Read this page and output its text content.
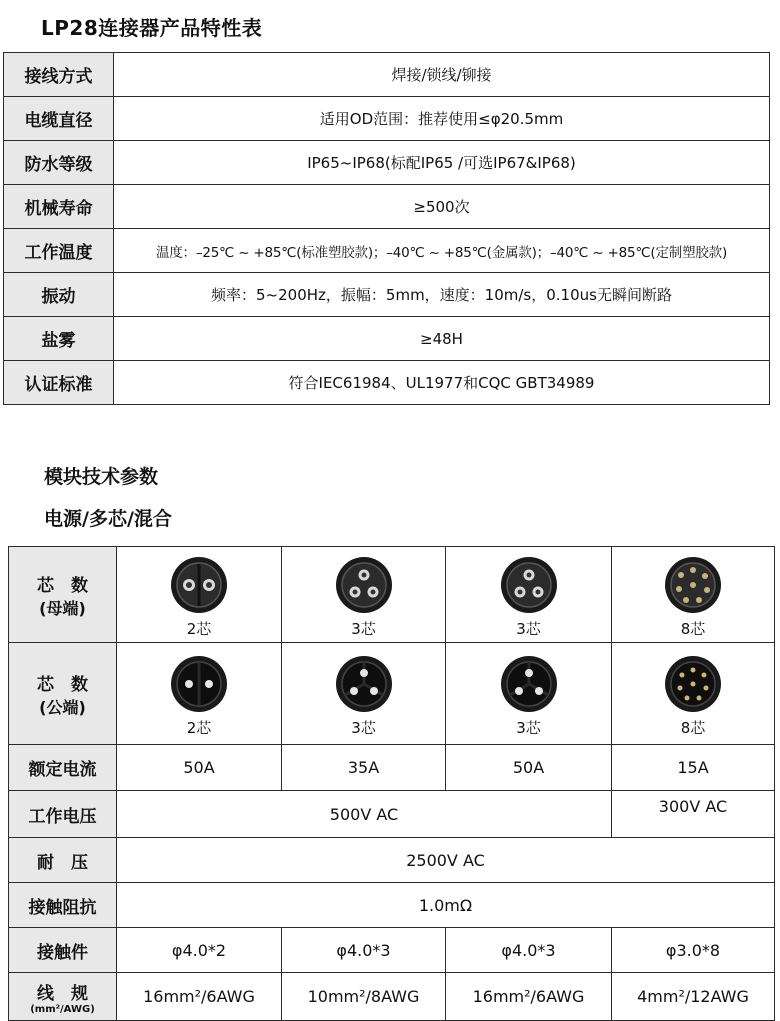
LP28连接器产品特性表
接线方式	焊接/锁线/铆接
电缆直径	适用OD范围：推荐使用≤φ20.5mm
防水等级	IP65~IP68(标配IP65 /可选IP67&IP68)
机械寿命	≥500次
工作温度	温度：–25℃ ~ +85℃(标准塑胶款)；–40℃ ~ +85℃(金属款)；–40℃ ~ +85℃(定制塑胶款)
振动	频率：5~200Hz，振幅：5mm，速度：10m/s，0.10us无瞬间断路
盐雾	≥48H
认证标准	符合IEC61984、UL1977和CQC GBT34989
模块技术参数
电源/多芯/混合
芯　数
(母端)	2芯	3芯	3芯	8芯

芯　数
(公端)	2芯	3芯	3芯	8芯

额定电流	50A	35A	50A	15A
工作电压	500V AC			300V AC
耐　压	2500V AC			
接触阻抗	1.0mΩ			
接触件	φ4.0*2	φ4.0*3	φ4.0*3	φ3.0*8

线　规
(mm²/AWG)	16mm²/6AWG	10mm²/8AWG	16mm²/6AWG	4mm²/12AWG
